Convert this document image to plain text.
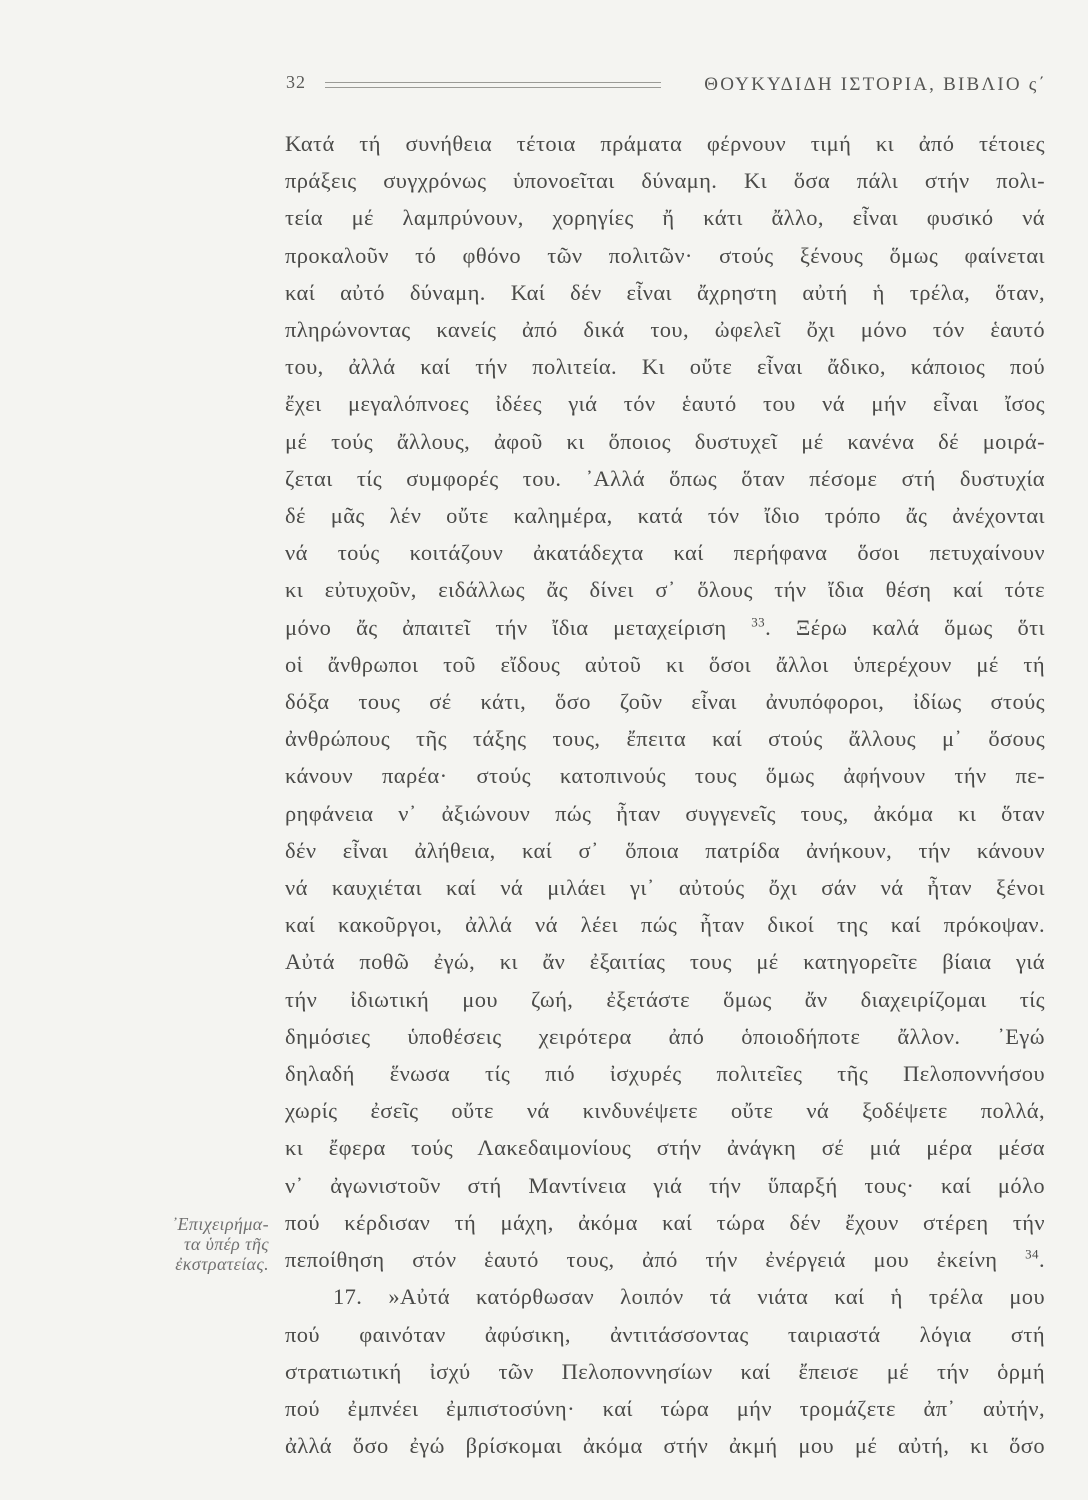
32	ΘΟΥΚΥΔΙΔΗ ΙΣΤΟΡΙΑ, ΒΙΒΛΙΟ ς΄
᾽Επιχειρήμα-
τα ὑπέρ τῆς
ἐκστρατείας.

Κατά τή συνήθεια τέτοια πράματα φέρνουν τιμή κι ἀπό τέτοιες
πράξεις συγχρόνως ὑπονοεῖται δύναμη. Κι ὅσα πάλι στήν πολι-
τεία μέ λαμπρύνουν, χορηγίες ἤ κάτι ἄλλο, εἶναι φυσικό νά
προκαλοῦν τό φθόνο τῶν πολιτῶν· στούς ξένους ὅμως φαίνεται
καί αὐτό δύναμη. Καί δέν εἶναι ἄχρηστη αὐτή ἡ τρέλα, ὅταν,
πληρώνοντας κανείς ἀπό δικά του, ὠφελεῖ ὄχι μόνο τόν ἑαυτό
του, ἀλλά καί τήν πολιτεία. Κι οὔτε εἶναι ἄδικο, κάποιος πού
ἔχει μεγαλόπνοες ἰδέες γιά τόν ἑαυτό του νά μήν εἶναι ἴσος
μέ τούς ἄλλους, ἀφοῦ κι ὅποιος δυστυχεῖ μέ κανένα δέ μοιρά-
ζεται τίς συμφορές του. ᾽Αλλά ὅπως ὅταν πέσομε στή δυστυχία
δέ μᾶς λέν οὔτε καλημέρα, κατά τόν ἴδιο τρόπο ἄς ἀνέχονται
νά τούς κοιτάζουν ἀκατάδεχτα καί περήφανα ὅσοι πετυχαίνουν
κι εὐτυχοῦν, ειδάλλως ἄς δίνει σ᾽ ὅλους τήν ἴδια θέση καί τότε
μόνο ἄς ἀπαιτεῖ τήν ἴδια μεταχείριση $^{33}$. Ξέρω καλά ὅμως ὅτι
οἱ ἄνθρωποι τοῦ εἴδους αὐτοῦ κι ὅσοι ἄλλοι ὑπερέχουν μέ τή
δόξα τους σέ κάτι, ὅσο ζοῦν εἶναι ἀνυπόφοροι, ἰδίως στούς
ἀνθρώπους τῆς τάξης τους, ἔπειτα καί στούς ἄλλους μ᾽ ὅσους
κάνουν παρέα· στούς κατοπινούς τους ὅμως ἀφήνουν τήν πε-
ρηφάνεια ν᾽ ἀξιώνουν πώς ἦταν συγγενεῖς τους, ἀκόμα κι ὅταν
δέν εἶναι ἀλήθεια, καί σ᾽ ὅποια πατρίδα ἀνήκουν, τήν κάνουν
νά καυχιέται καί νά μιλάει γι᾽ αὐτούς ὄχι σάν νά ἦταν ξένοι
καί κακοῦργοι, ἀλλά νά λέει πώς ἦταν δικοί της καί πρόκοψαν.
Αὐτά ποθῶ ἐγώ, κι ἄν ἐξαιτίας τους μέ κατηγορεῖτε βίαια γιά
τήν ἰδιωτική μου ζωή, ἐξετάστε ὅμως ἄν διαχειρίζομαι τίς
δημόσιες ὑποθέσεις χειρότερα ἀπό ὁποιοδήποτε ἄλλον. ᾽Εγώ
δηλαδή ἕνωσα τίς πιό ἰσχυρές πολιτεῖες τῆς Πελοποννήσου
χωρίς ἐσεῖς οὔτε νά κινδυνέψετε οὔτε νά ξοδέψετε πολλά,
κι ἔφερα τούς Λακεδαιμονίους στήν ἀνάγκη σέ μιά μέρα μέσα
ν᾽ ἀγωνιστοῦν στή Μαντίνεια γιά τήν ὕπαρξή τους· καί μόλο
πού κέρδισαν τή μάχη, ἀκόμα καί τώρα δέν ἔχουν στέρεη τήν
πεποίθηση στόν ἑαυτό τους, ἀπό τήν ἐνέργειά μου ἐκείνη $^{34}$.

17. »Αὐτά κατόρθωσαν λοιπόν τά νιάτα καί ἡ τρέλα μου
πού φαινόταν ἀφύσικη, ἀντιτάσσοντας ταιριαστά λόγια στή
στρατιωτική ἰσχύ τῶν Πελοποννησίων καί ἔπεισε μέ τήν ὁρμή
πού ἐμπνέει ἐμπιστοσύνη· καί τώρα μήν τρομάζετε ἀπ᾽ αὐτήν,
ἀλλά ὅσο ἐγώ βρίσκομαι ἀκόμα στήν ἀκμή μου μέ αὐτή, κι ὅσο
